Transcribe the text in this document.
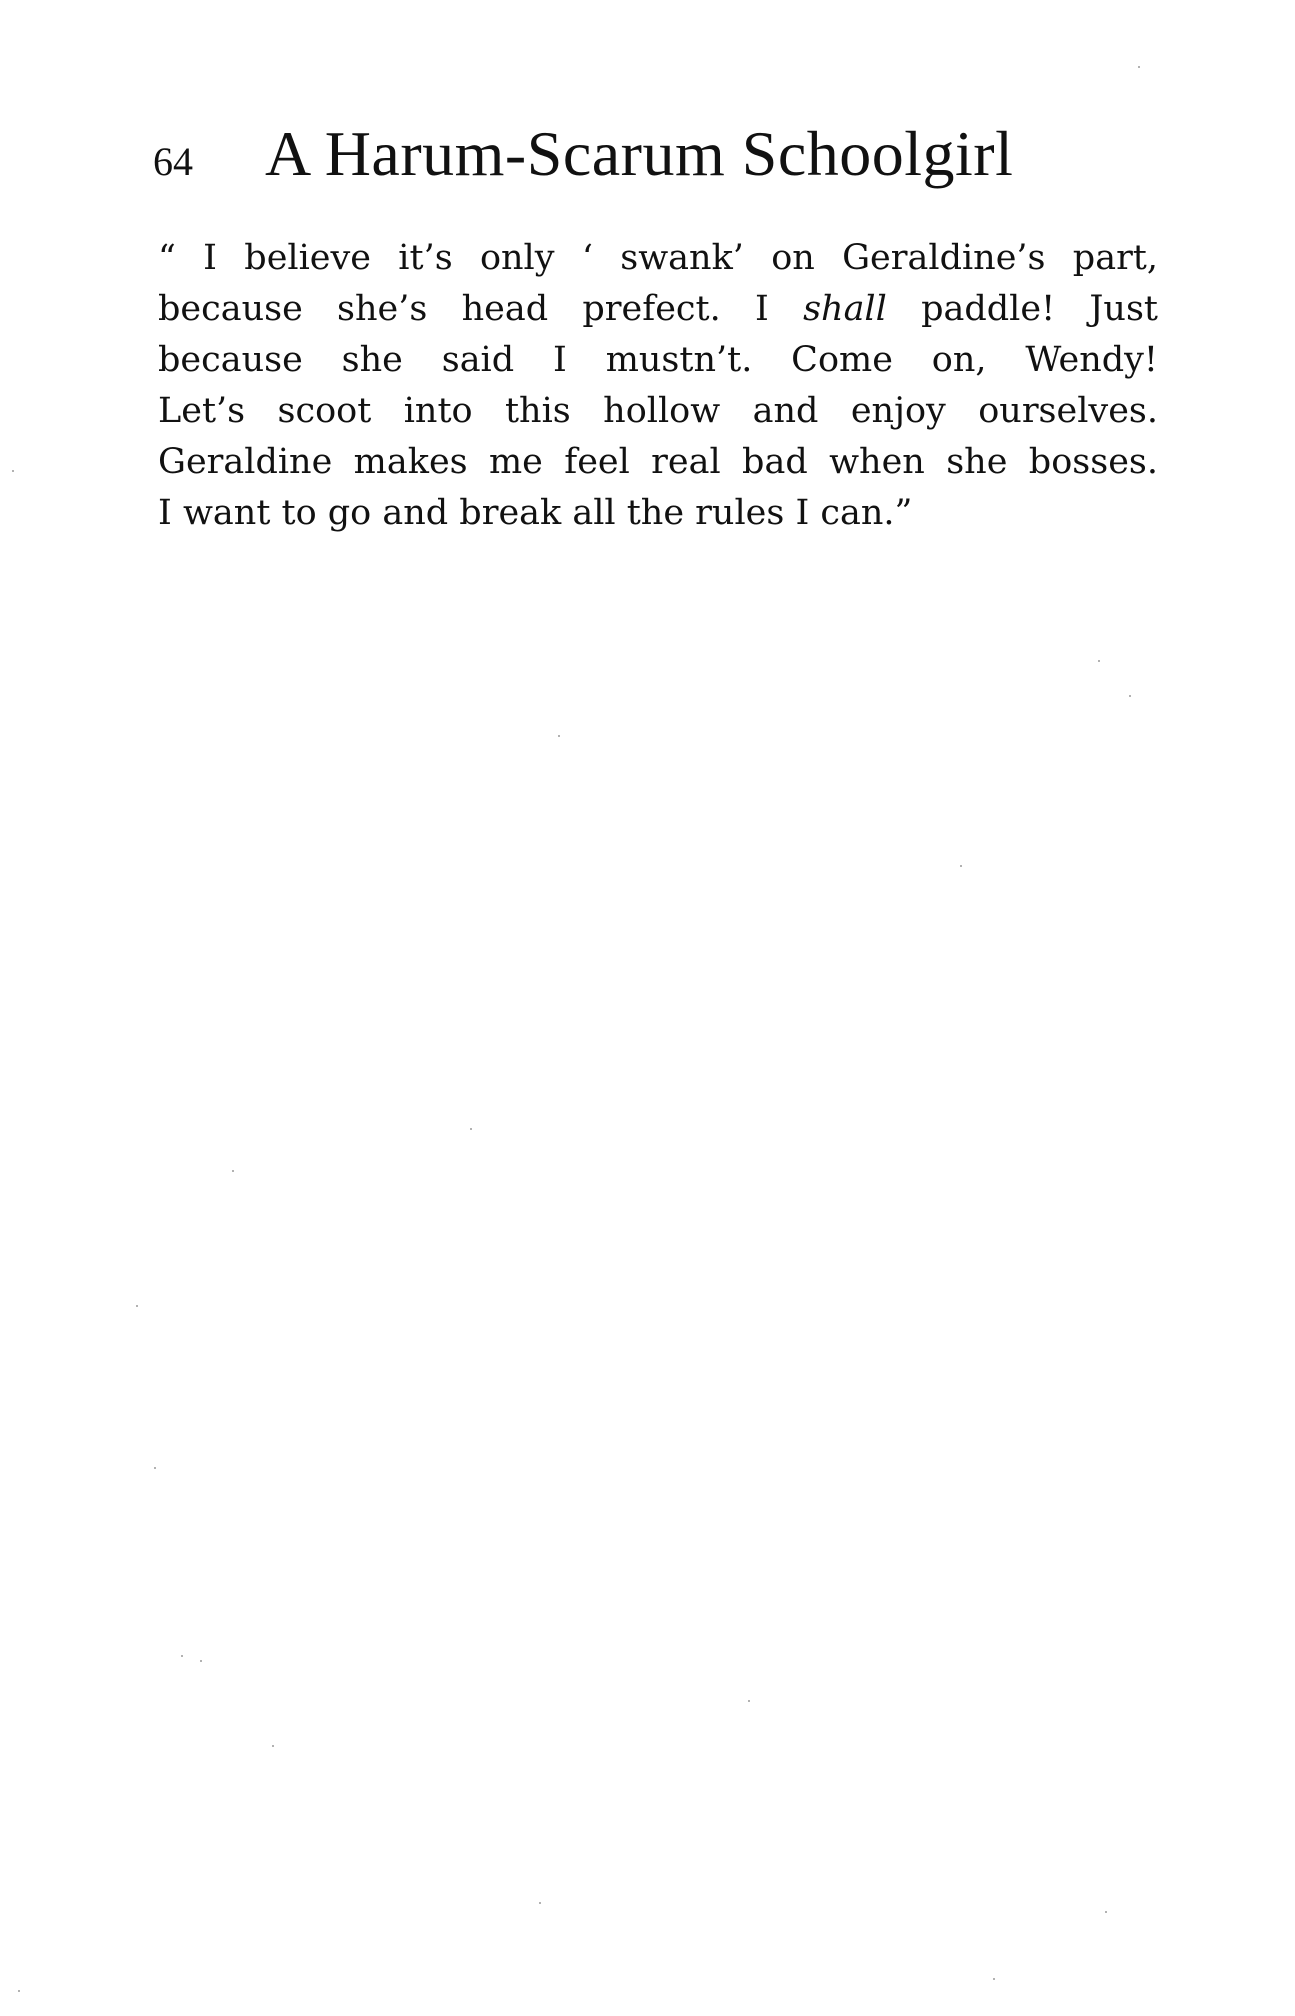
64 A Harum-Scarum Schoolgirl
“ I believe it’s only ‘ swank’ on Geraldine’s part,
because she’s head prefect. I shall paddle! Just
because she said I mustn’t. Come on, Wendy!
Let’s scoot into this hollow and enjoy ourselves.
Geraldine makes me feel real bad when she bosses.
I want to go and break all the rules I can.”
